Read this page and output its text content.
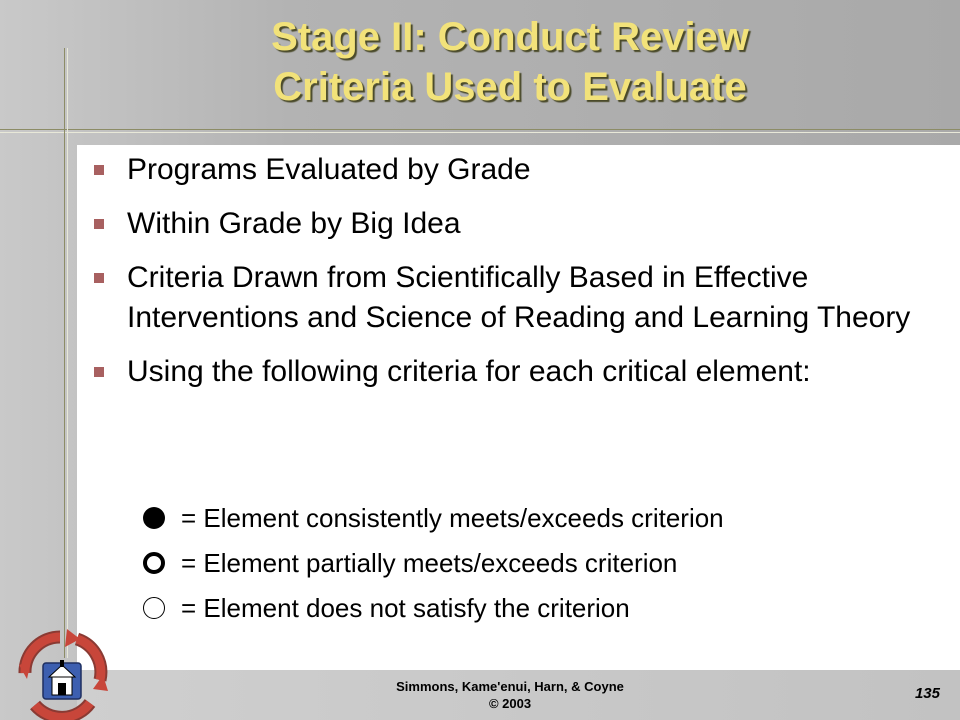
Stage II: Conduct Review
Criteria Used to Evaluate
Programs Evaluated by Grade
Within Grade by Big Idea
Criteria Drawn from Scientifically Based in Effective Interventions and Science of Reading and Learning Theory
Using the following criteria for each critical element:
= Element consistently meets/exceeds criterion
= Element partially meets/exceeds criterion
= Element does not satisfy the criterion
Simmons, Kame'enui, Harn, & Coyne
© 2003
135
